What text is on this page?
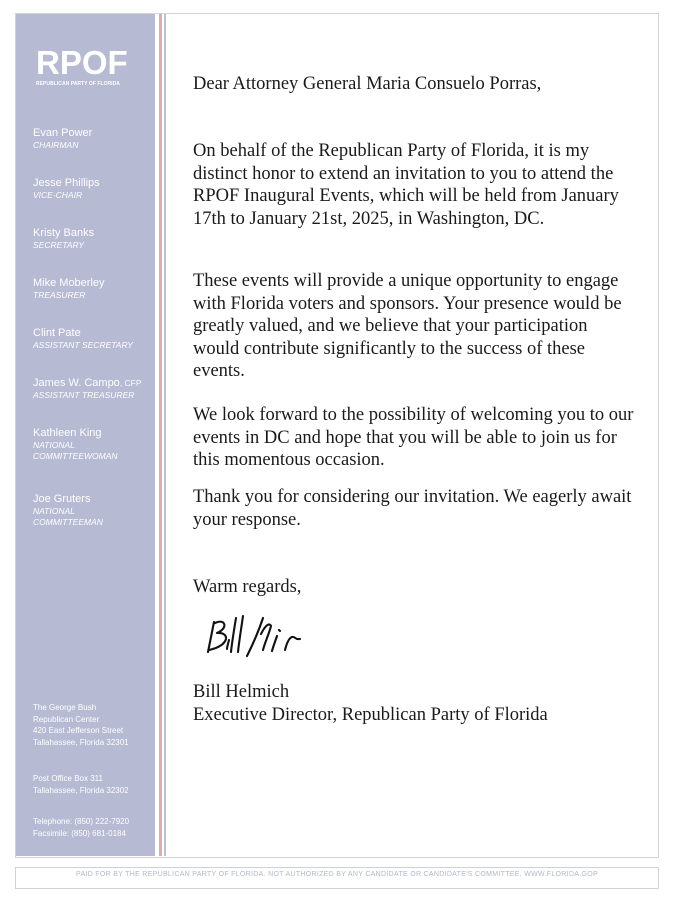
RPOF
REPUBLICAN PARTY OF FLORIDA
Evan Power
CHAIRMAN
Jesse Phillips
VICE-CHAIR
Kristy Banks
SECRETARY
Mike Moberley
TREASURER
Clint Pate
ASSISTANT SECRETARY
James W. Campo, CFP
ASSISTANT TREASURER
Kathleen King
NATIONAL
COMMITTEEWOMAN
Joe Gruters
NATIONAL
COMMITTEEMAN
The George Bush
Republican Center
420 East Jefferson Street
Tallahassee, Florida 32301
Post Office Box 311
Tallahassee, Florida 32302
Telephone: (850) 222-7920
Facsimile: (850) 681-0184
Dear Attorney General Maria Consuelo Porras,
On behalf of the Republican Party of Florida, it is my distinct honor to extend an invitation to you to attend the RPOF Inaugural Events, which will be held from January 17th to January 21st, 2025, in Washington, DC.
These events will provide a unique opportunity to engage with Florida voters and sponsors. Your presence would be greatly valued, and we believe that your participation would contribute significantly to the success of these events.
We look forward to the possibility of welcoming you to our events in DC and hope that you will be able to join us for this momentous occasion.
Thank you for considering our invitation. We eagerly await your response.
Warm regards,
Bill Helmich
Executive Director, Republican Party of Florida
PAID FOR BY THE REPUBLICAN PARTY OF FLORIDA. NOT AUTHORIZED BY ANY CANDIDATE OR CANDIDATE'S COMMITTEE. WWW.FLORIDA.GOP
